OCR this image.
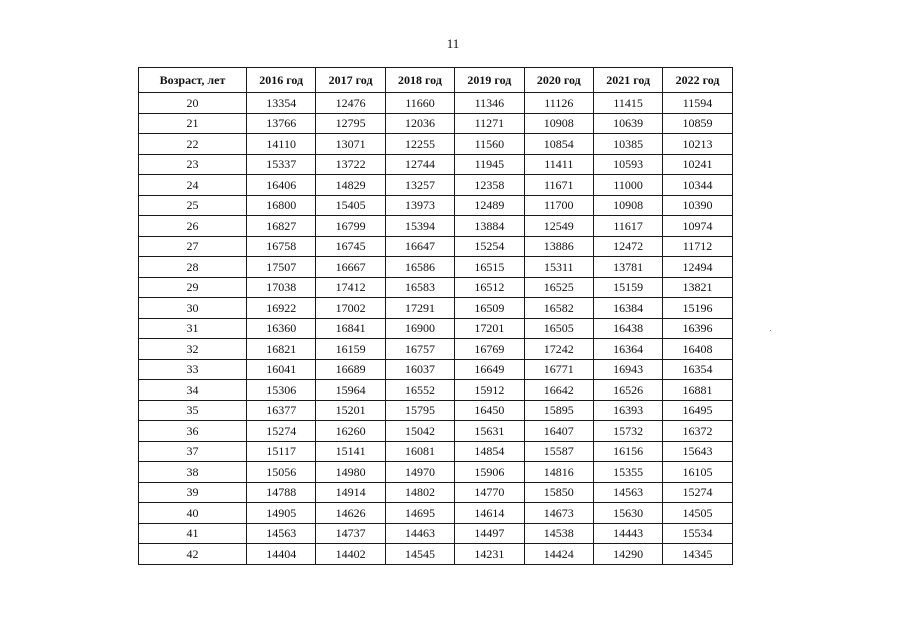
11
Возраст, лет	2016 год	2017 год	2018 год	2019 год	2020 год	2021 год	2022 год
20	13354	12476	11660	11346	11126	11415	11594
21	13766	12795	12036	11271	10908	10639	10859
22	14110	13071	12255	11560	10854	10385	10213
23	15337	13722	12744	11945	11411	10593	10241
24	16406	14829	13257	12358	11671	11000	10344
25	16800	15405	13973	12489	11700	10908	10390
26	16827	16799	15394	13884	12549	11617	10974
27	16758	16745	16647	15254	13886	12472	11712
28	17507	16667	16586	16515	15311	13781	12494
29	17038	17412	16583	16512	16525	15159	13821
30	16922	17002	17291	16509	16582	16384	15196
31	16360	16841	16900	17201	16505	16438	16396
32	16821	16159	16757	16769	17242	16364	16408
33	16041	16689	16037	16649	16771	16943	16354
34	15306	15964	16552	15912	16642	16526	16881
35	16377	15201	15795	16450	15895	16393	16495
36	15274	16260	15042	15631	16407	15732	16372
37	15117	15141	16081	14854	15587	16156	15643
38	15056	14980	14970	15906	14816	15355	16105
39	14788	14914	14802	14770	15850	14563	15274
40	14905	14626	14695	14614	14673	15630	14505
41	14563	14737	14463	14497	14538	14443	15534
42	14404	14402	14545	14231	14424	14290	14345
